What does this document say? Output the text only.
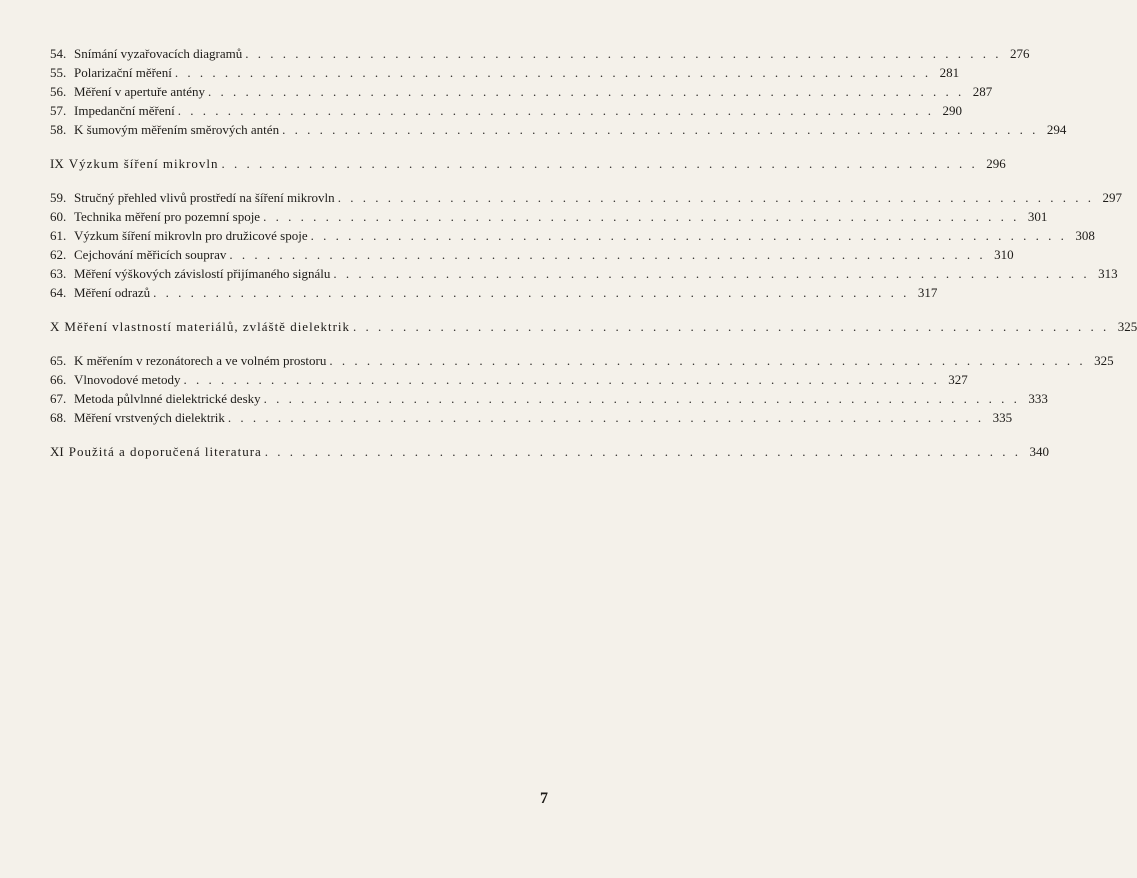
54. Snímání vyzařovacích diagramů . . .	276
55. Polarizační měření . . .	281
56. Měření v apertuře antény . . .	287
57. Impedanční měření . . .	290
58. K šumovým měřením směrových antén . . .	294
IX Výzkum šíření mikrovln . . .	296
59. Stručný přehled vlivů prostředí na šíření mikrovln . . .	297
60. Technika měření pro pozemní spoje . . .	301
61. Výzkum šíření mikrovln pro družicové spoje . . .	308
62. Cejchování měřicích souprav . . .	310
63. Měření výškových závislostí přijímaného signálu . . .	313
64. Měření odrazů . . .	317
X Měření vlastností materiálů, zvláště dielektrik . . .	325
65. K měřením v rezonátorech a ve volném prostoru . . .	325
66. Vlnovodové metody . . .	327
67. Metoda půlvlnné dielektrické desky . . .	333
68. Měření vrstvených dielektrik . . .	335
XI Použitá a doporučená literatura . . .	340
7
